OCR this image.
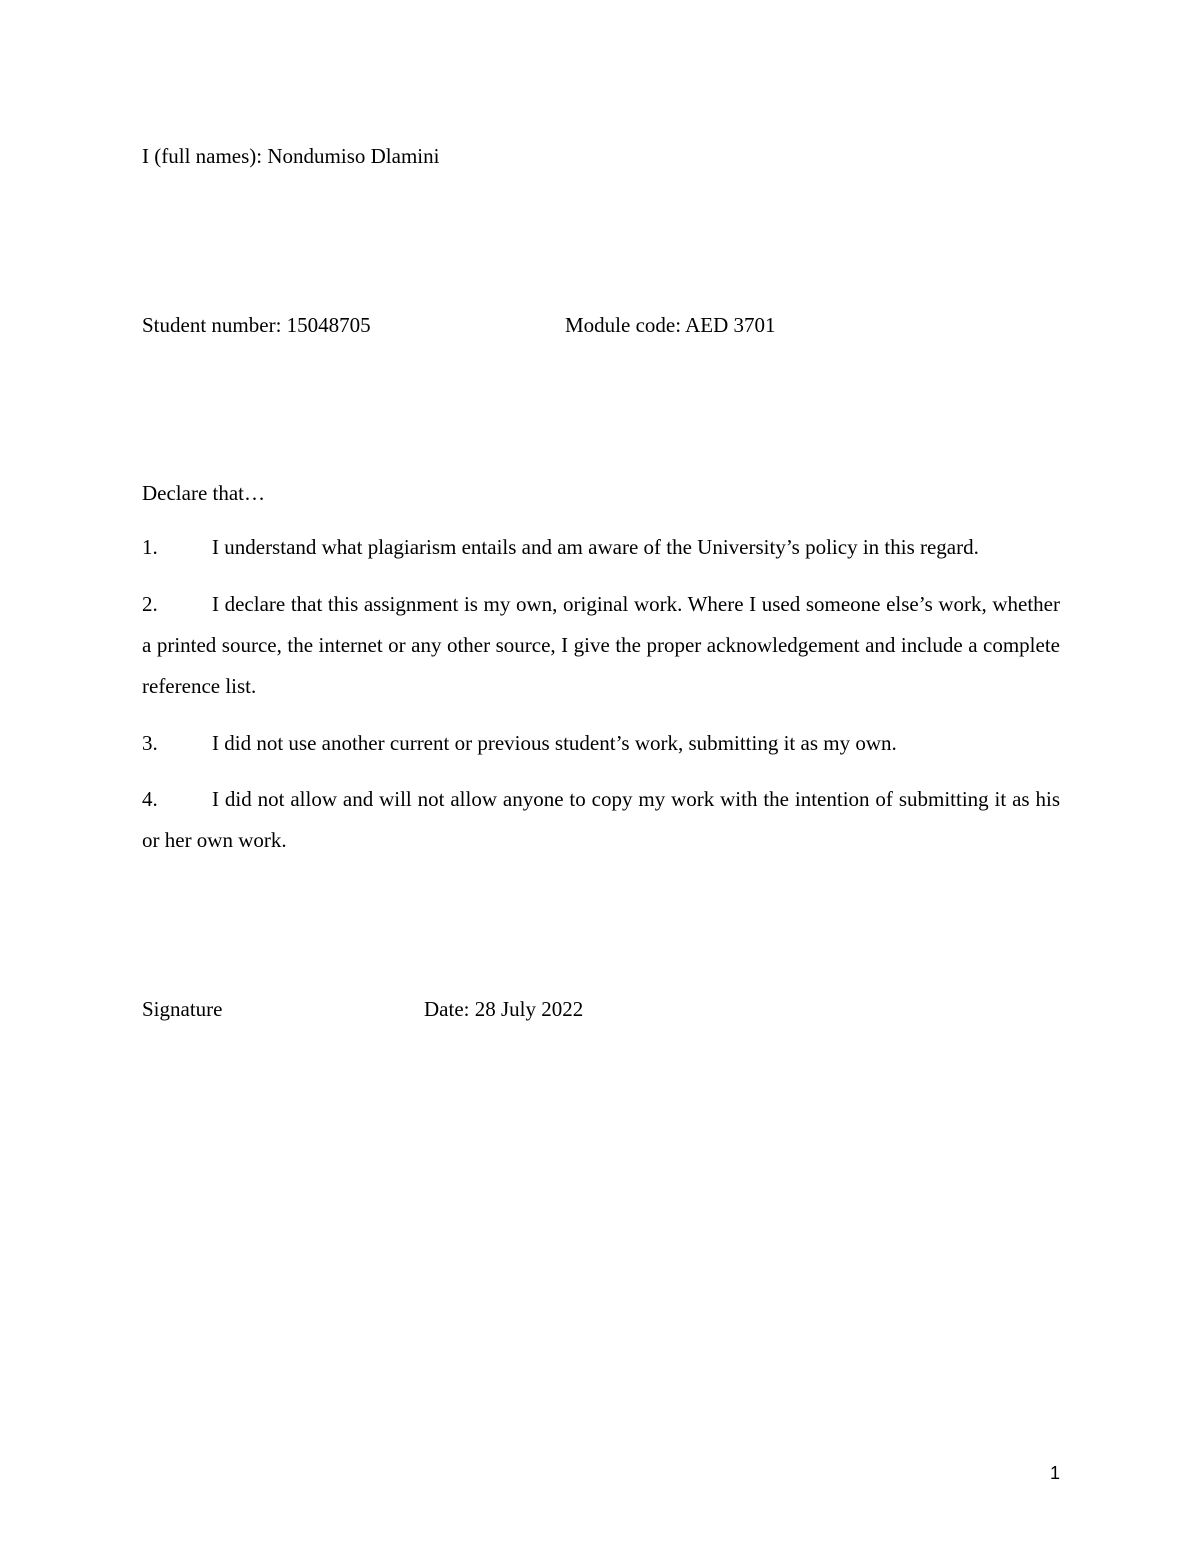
I (full names): Nondumiso Dlamini
Student number: 15048705	Module code: AED 3701
Declare that…
1.	I understand what plagiarism entails and am aware of the University’s policy in this regard.
2.	I declare that this assignment is my own, original work. Where I used someone else’s work, whether a printed source, the internet or any other source, I give the proper acknowledgement and include a complete reference list.
3.	I did not use another current or previous student’s work, submitting it as my own.
4.	I did not allow and will not allow anyone to copy my work with the intention of submitting it as his or her own work.
Signature	Date: 28 July 2022
1
